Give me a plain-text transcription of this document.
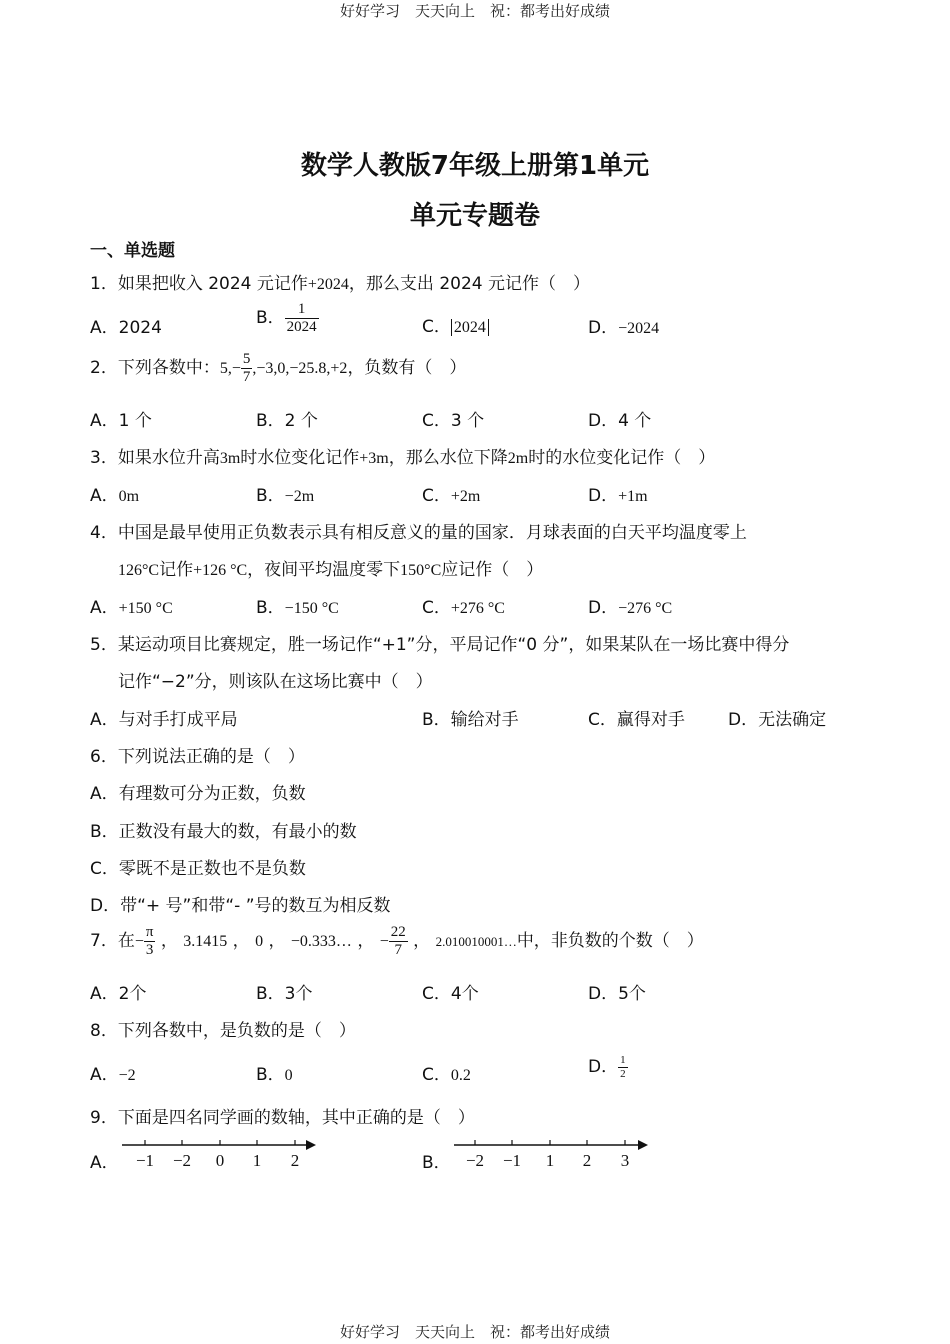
好好学习　天天向上　祝：都考出好成绩
数学人教版7年级上册第1单元
单元专题卷
一、单选题
1．如果把收入 2024 元记作+2024，那么支出 2024 元记作（　）
A．2024	B． $\frac{1}{2024}$	C． 2024	D．−2024
2．下列各数中：$5,- \frac{5}{7} ,-3,0,-25.8,+2$，负数有（　）
A．1 个	B．2 个	C．3 个	D．4 个
3．如果水位升高3m时水位变化记作+3m，那么水位下降2m时的水位变化记作（　）
A．0m	B．−2m	C．+2m	D．+1m
4．中国是最早使用正负数表示具有相反意义的量的国家．月球表面的白天平均温度零上
126°C记作+126 °C，夜间平均温度零下150°C应记作（　）
A．+150 °C	B．−150 °C	C．+276 °C	D．−276 °C
5．某运动项目比赛规定，胜一场记作“+1”分，平局记作“0 分”，如果某队在一场比赛中得分
记作“−2”分，则该队在这场比赛中（　）
A．与对手打成平局	B．输给对手	C．赢得对手	D．无法确定
6．下列说法正确的是（　）
A．有理数可分为正数，负数
B．正数没有最大的数，有最小的数
C．零既不是正数也不是负数
D．带“+ 号”和带“- ”号的数互为相反数
7．在− $\frac{\pi}{3}$ ， 3.1415 ， 0 ， −0.333… ， − $\frac{22}{7}$ ， 2.010010001…中，非负数的个数（　）
A．2个	B．3个	C．4个	D．5个
8．下列各数中，是负数的是（　）
A．−2	B．0	C．0.2	D． $\frac{1}{2}$
9．下面是四名同学画的数轴，其中正确的是（　）
A． −1 −2 0 1 2	B． −2 −1 1 2 3
好好学习　天天向上　祝：都考出好成绩
